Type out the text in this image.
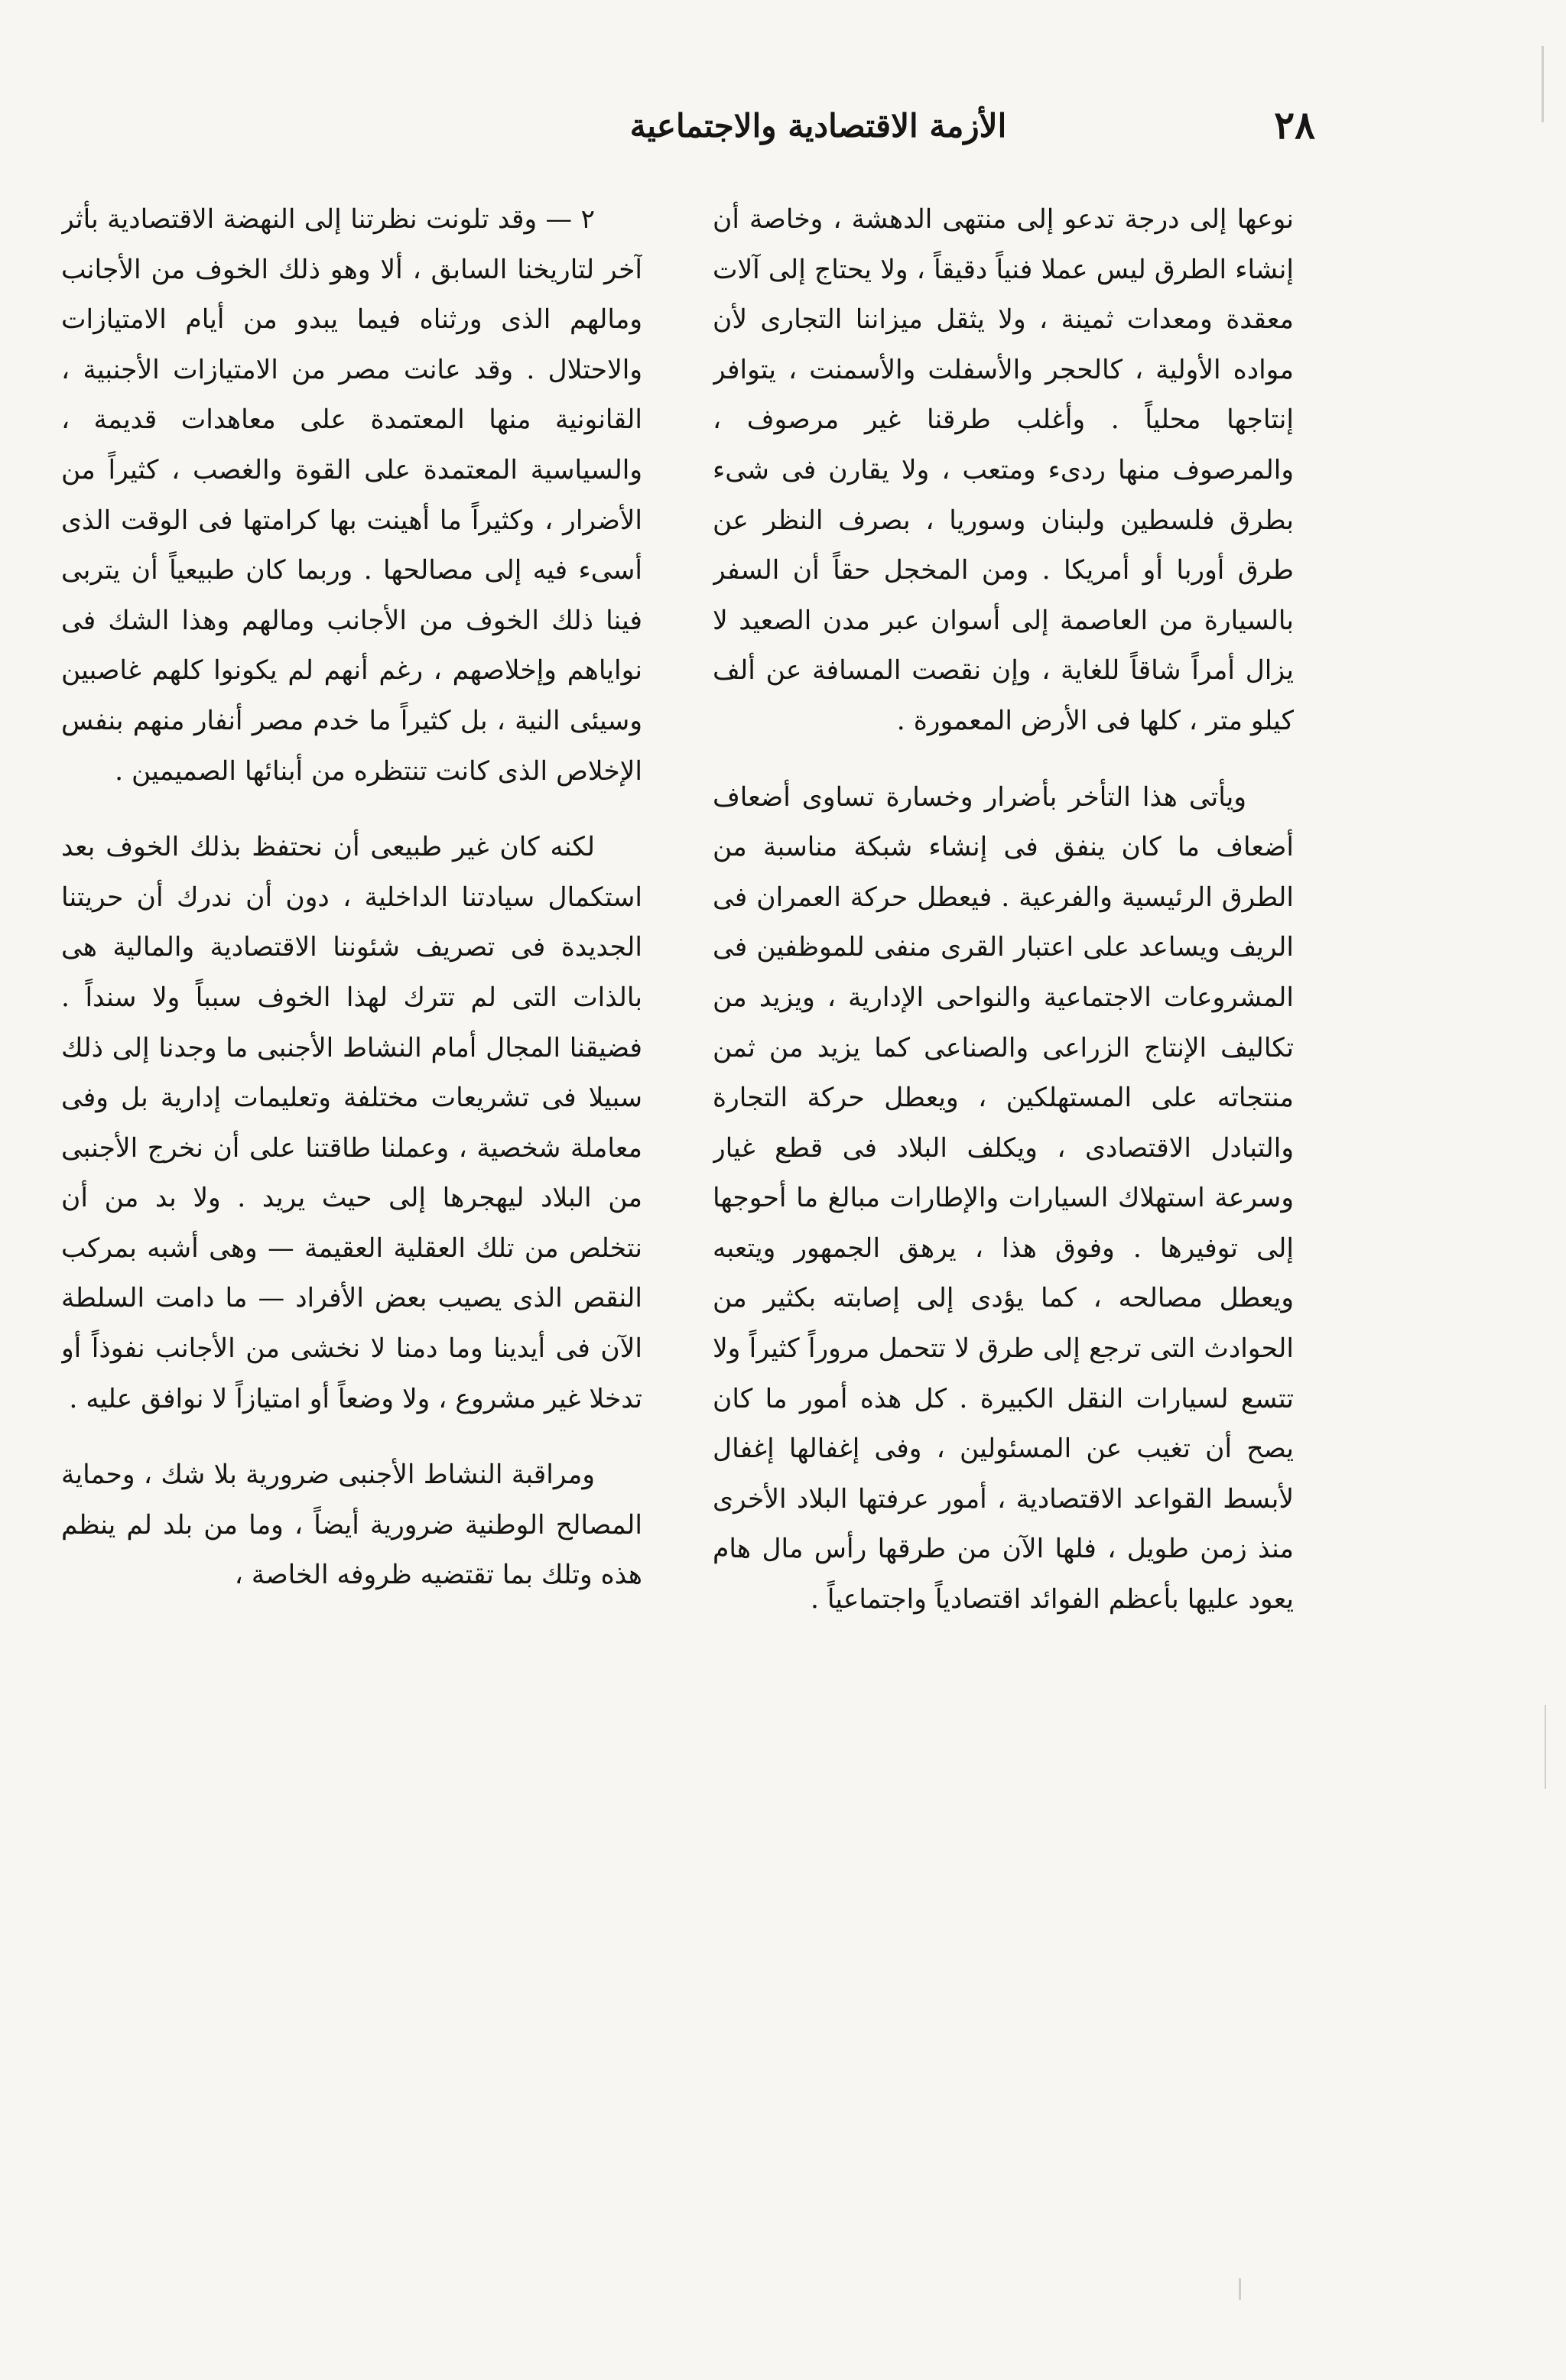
الأزمة الاقتصادية والاجتماعية	٢٨

نوعها إلى درجة تدعو إلى منتهى الدهشة ، وخاصة أن إنشاء الطرق ليس عملا فنياً دقيقاً ، ولا يحتاج إلى آلات معقدة ومعدات ثمينة ، ولا يثقل ميزاننا التجارى لأن مواده الأولية ، كالحجر والأسفلت والأسمنت ، يتوافر إنتاجها محلياً . وأغلب طرقنا غير مرصوف ، والمرصوف منها ردىء ومتعب ، ولا يقارن فى شىء بطرق فلسطين ولبنان وسوريا ، بصرف النظر عن طرق أوربا أو أمريكا . ومن المخجل حقاً أن السفر بالسيارة من العاصمة إلى أسوان عبر مدن الصعيد لا يزال أمراً شاقاً للغاية ، وإن نقصت المسافة عن ألف كيلو متر ، كلها فى الأرض المعمورة .

ويأتى هذا التأخر بأضرار وخسارة تساوى أضعاف أضعاف ما كان ينفق فى إنشاء شبكة مناسبة من الطرق الرئيسية والفرعية . فيعطل حركة العمران فى الريف ويساعد على اعتبار القرى منفى للموظفين فى المشروعات الاجتماعية والنواحى الإدارية ، ويزيد من تكاليف الإنتاج الزراعى والصناعى كما يزيد من ثمن منتجاته على المستهلكين ، ويعطل حركة التجارة والتبادل الاقتصادى ، ويكلف البلاد فى قطع غيار وسرعة استهلاك السيارات والإطارات مبالغ ما أحوجها إلى توفيرها . وفوق هذا ، يرهق الجمهور ويتعبه ويعطل مصالحه ، كما يؤدى إلى إصابته بكثير من الحوادث التى ترجع إلى طرق لا تتحمل مروراً كثيراً ولا تتسع لسيارات النقل الكبيرة . كل هذه أمور ما كان يصح أن تغيب عن المسئولين ، وفى إغفالها إغفال لأبسط القواعد الاقتصادية ، أمور عرفتها البلاد الأخرى منذ زمن طويل ، فلها الآن من طرقها رأس مال هام يعود عليها بأعظم الفوائد اقتصادياً واجتماعياً .

٢ — وقد تلونت نظرتنا إلى النهضة الاقتصادية بأثر آخر لتاريخنا السابق ، ألا وهو ذلك الخوف من الأجانب ومالهم الذى ورثناه فيما يبدو من أيام الامتيازات والاحتلال . وقد عانت مصر من الامتيازات الأجنبية ، القانونية منها المعتمدة على معاهدات قديمة ، والسياسية المعتمدة على القوة والغصب ، كثيراً من الأضرار ، وكثيراً ما أهينت بها كرامتها فى الوقت الذى أسىء فيه إلى مصالحها . وربما كان طبيعياً أن يتربى فينا ذلك الخوف من الأجانب ومالهم وهذا الشك فى نواياهم وإخلاصهم ، رغم أنهم لم يكونوا كلهم غاصبين وسيئى النية ، بل كثيراً ما خدم مصر أنفار منهم بنفس الإخلاص الذى كانت تنتظره من أبنائها الصميمين .

لكنه كان غير طبيعى أن نحتفظ بذلك الخوف بعد استكمال سيادتنا الداخلية ، دون أن ندرك أن حريتنا الجديدة فى تصريف شئوننا الاقتصادية والمالية هى بالذات التى لم تترك لهذا الخوف سبباً ولا سنداً . فضيقنا المجال أمام النشاط الأجنبى ما وجدنا إلى ذلك سبيلا فى تشريعات مختلفة وتعليمات إدارية بل وفى معاملة شخصية ، وعملنا طاقتنا على أن نخرج الأجنبى من البلاد ليهجرها إلى حيث يريد . ولا بد من أن نتخلص من تلك العقلية العقيمة — وهى أشبه بمركب النقص الذى يصيب بعض الأفراد — ما دامت السلطة الآن فى أيدينا وما دمنا لا نخشى من الأجانب نفوذاً أو تدخلا غير مشروع ، ولا وضعاً أو امتيازاً لا نوافق عليه .

ومراقبة النشاط الأجنبى ضرورية بلا شك ، وحماية المصالح الوطنية ضرورية أيضاً ، وما من بلد لم ينظم هذه وتلك بما تقتضيه ظروفه الخاصة ،
